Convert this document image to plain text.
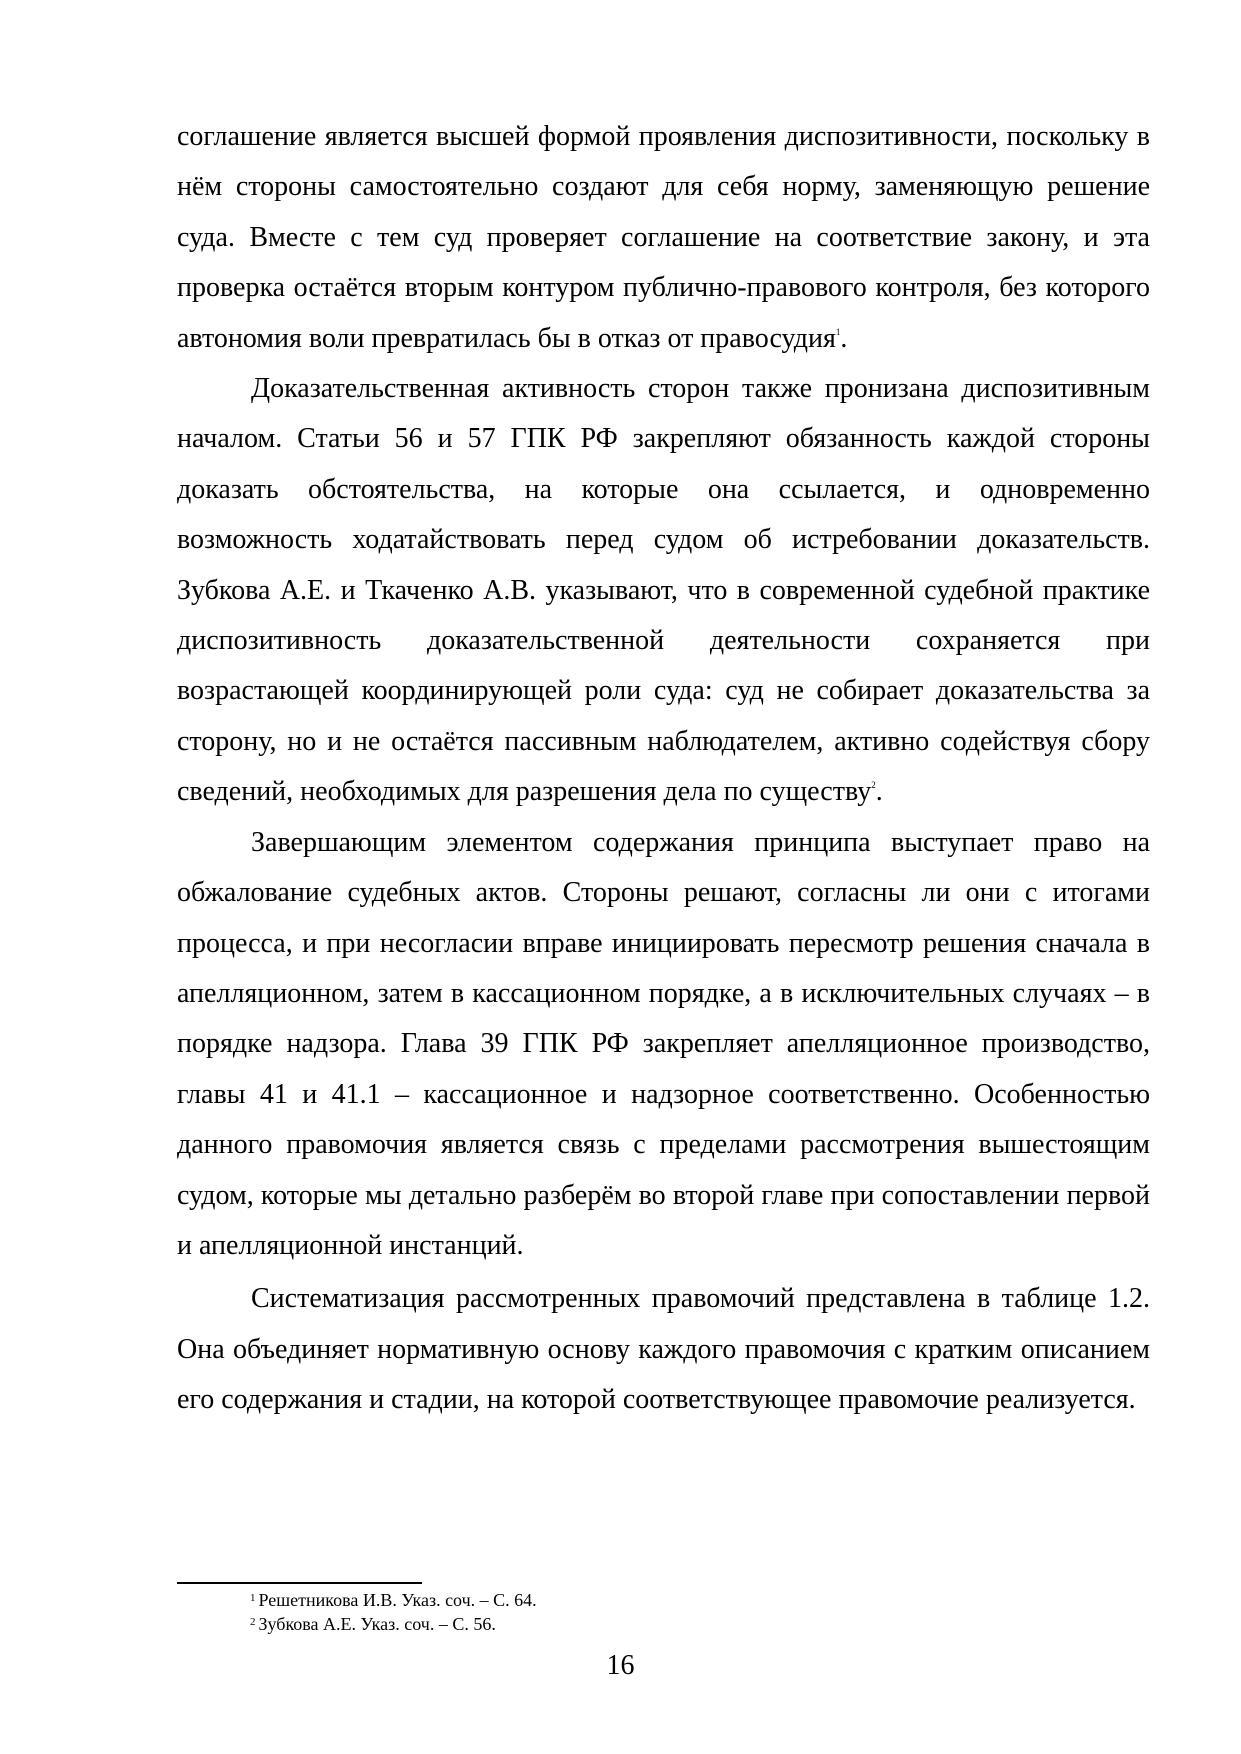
соглашение является высшей формой проявления диспозитивности, поскольку в нём стороны самостоятельно создают для себя норму, заменяющую решение суда. Вместе с тем суд проверяет соглашение на соответствие закону, и эта проверка остаётся вторым контуром публично-правового контроля, без которого автономия воли превратилась бы в отказ от правосудия$^1$.

Доказательственная активность сторон также пронизана диспозитивным началом. Статьи 56 и 57 ГПК РФ закрепляют обязанность каждой стороны доказать обстоятельства, на которые она ссылается, и одновременно возможность ходатайствовать перед судом об истребовании доказательств. Зубкова А.Е. и Ткаченко А.В. указывают, что в современной судебной практике диспозитивность доказательственной деятельности сохраняется при возрастающей координирующей роли суда: суд не собирает доказательства за сторону, но и не остаётся пассивным наблюдателем, активно содействуя сбору сведений, необходимых для разрешения дела по существу$^2$.

Завершающим элементом содержания принципа выступает право на обжалование судебных актов. Стороны решают, согласны ли они с итогами процесса, и при несогласии вправе инициировать пересмотр решения сначала в апелляционном, затем в кассационном порядке, а в исключительных случаях – в порядке надзора. Глава 39 ГПК РФ закрепляет апелляционное производство, главы 41 и 41.1 – кассационное и надзорное соответственно. Особенностью данного правомочия является связь с пределами рассмотрения вышестоящим судом, которые мы детально разберём во второй главе при сопоставлении первой и апелляционной инстанций.

Систематизация рассмотренных правомочий представлена в таблице 1.2. Она объединяет нормативную основу каждого правомочия с кратким описанием его содержания и стадии, на которой соответствующее правомочие реализуется.

$^1$ Решетникова И.В. Указ. соч. – С. 64.

$^2$ Зубкова А.Е. Указ. соч. – С. 56.

16
